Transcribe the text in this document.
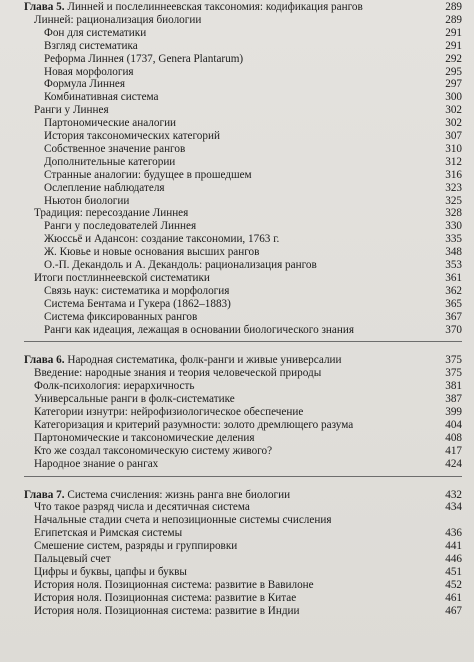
Глава 5. Линней и послелиннеевская таксономия: кодификация рангов	289
Линней: рационализация биологии	289
Фон для систематики	291
Взгляд систематика	291
Реформа Линнея (1737, Genera Plantarum)	292
Новая морфология	295
Формула Линнея	297
Комбинативная система	300
Ранги у Линнея	302
Партономические аналогии	302
История таксономических категорий	307
Собственное значение рангов	310
Дополнительные категории	312
Странные аналогии: будущее в прошедшем	316
Ослепление наблюдателя	323
Ньютон биологии	325
Традиция: пересоздание Линнея	328
Ранги у последователей Линнея	330
Жюссьё и Адансон: создание таксономии, 1763 г.	335
Ж. Кювье и новые основания высших рангов	348
О.-П. Декандоль и А. Декандоль: рационализация рангов	353
Итоги постлиннеевской систематики	361
Связь наук: систематика и морфология	362
Система Бентама и Гукера (1862–1883)	365
Система фиксированных рангов	367
Ранги как идеация, лежащая в основании биологического знания	370
Глава 6. Народная систематика, фолк-ранги и живые универсалии	375
Введение: народные знания и теория человеческой природы	375
Фолк-психология: иерархичность	381
Универсальные ранги в фолк-систематике	387
Категории изнутри: нейрофизиологическое обеспечение	399
Категоризация и критерий разумности: золото дремлющего разума	404
Партономические и таксономические деления	408
Кто же создал таксономическую систему живого?	417
Народное знание о рангах	424
Глава 7. Система счисления: жизнь ранга вне биологии	432
Что такое разряд числа и десятичная система	434
Начальные стадии счета и непозиционные системы счисления
Египетская и Римская системы	436
Смешение систем, разряды и группировки	441
Пальцевый счет	446
Цифры и буквы, цапфы и буквы	451
История ноля. Позиционная система: развитие в Вавилоне	452
История ноля. Позиционная система: развитие в Китае	461
История ноля. Позиционная система: развитие в Индии	467
